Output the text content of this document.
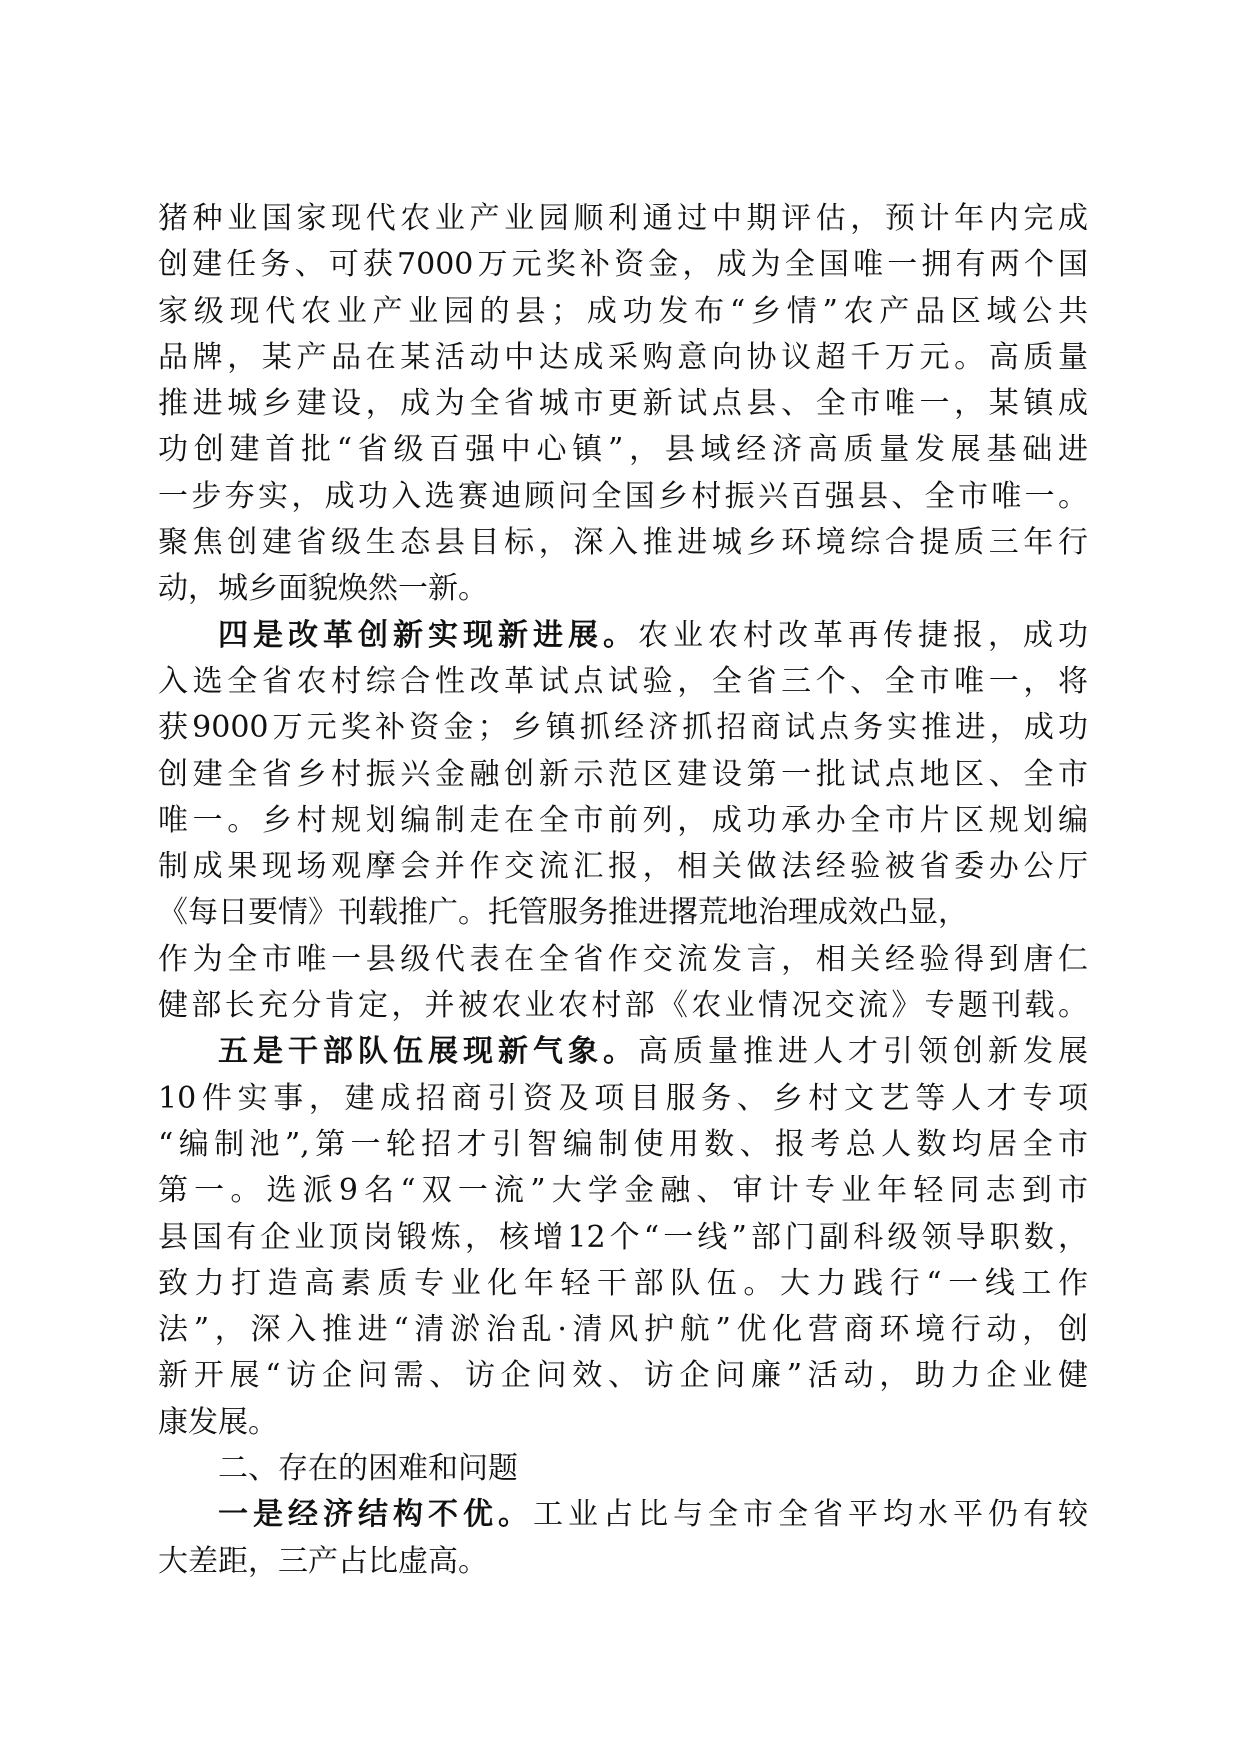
猪种业国家现代农业产业园顺利通过中期评估，预计年内完成
创建任务、可获7000万元奖补资金，成为全国唯一拥有两个国
家级现代农业产业园的县；成功发布“乡情”农产品区域公共
品牌，某产品在某活动中达成采购意向协议超千万元。高质量
推进城乡建设，成为全省城市更新试点县、全市唯一，某镇成
功创建首批“省级百强中心镇”，县域经济高质量发展基础进
一步夯实，成功入选赛迪顾问全国乡村振兴百强县、全市唯一。
聚焦创建省级生态县目标，深入推进城乡环境综合提质三年行
动，城乡面貌焕然一新。
四是改革创新实现新进展。农业农村改革再传捷报，成功
入选全省农村综合性改革试点试验，全省三个、全市唯一，将
获9000万元奖补资金；乡镇抓经济抓招商试点务实推进，成功
创建全省乡村振兴金融创新示范区建设第一批试点地区、全市
唯一。乡村规划编制走在全市前列，成功承办全市片区规划编
制成果现场观摩会并作交流汇报，相关做法经验被省委办公厅
《每日要情》刊载推广。托管服务推进撂荒地治理成效凸显，
作为全市唯一县级代表在全省作交流发言，相关经验得到唐仁
健部长充分肯定，并被农业农村部《农业情况交流》专题刊载。
五是干部队伍展现新气象。高质量推进人才引领创新发展
10件实事，建成招商引资及项目服务、乡村文艺等人才专项
“编制池”,第一轮招才引智编制使用数、报考总人数均居全市
第一。选派9名“双一流”大学金融、审计专业年轻同志到市
县国有企业顶岗锻炼，核增12个“一线”部门副科级领导职数，
致力打造高素质专业化年轻干部队伍。大力践行“一线工作
法”，深入推进“清淤治乱·清风护航”优化营商环境行动，创
新开展“访企问需、访企问效、访企问廉”活动，助力企业健
康发展。
二、存在的困难和问题
一是经济结构不优。工业占比与全市全省平均水平仍有较
大差距，三产占比虚高。
